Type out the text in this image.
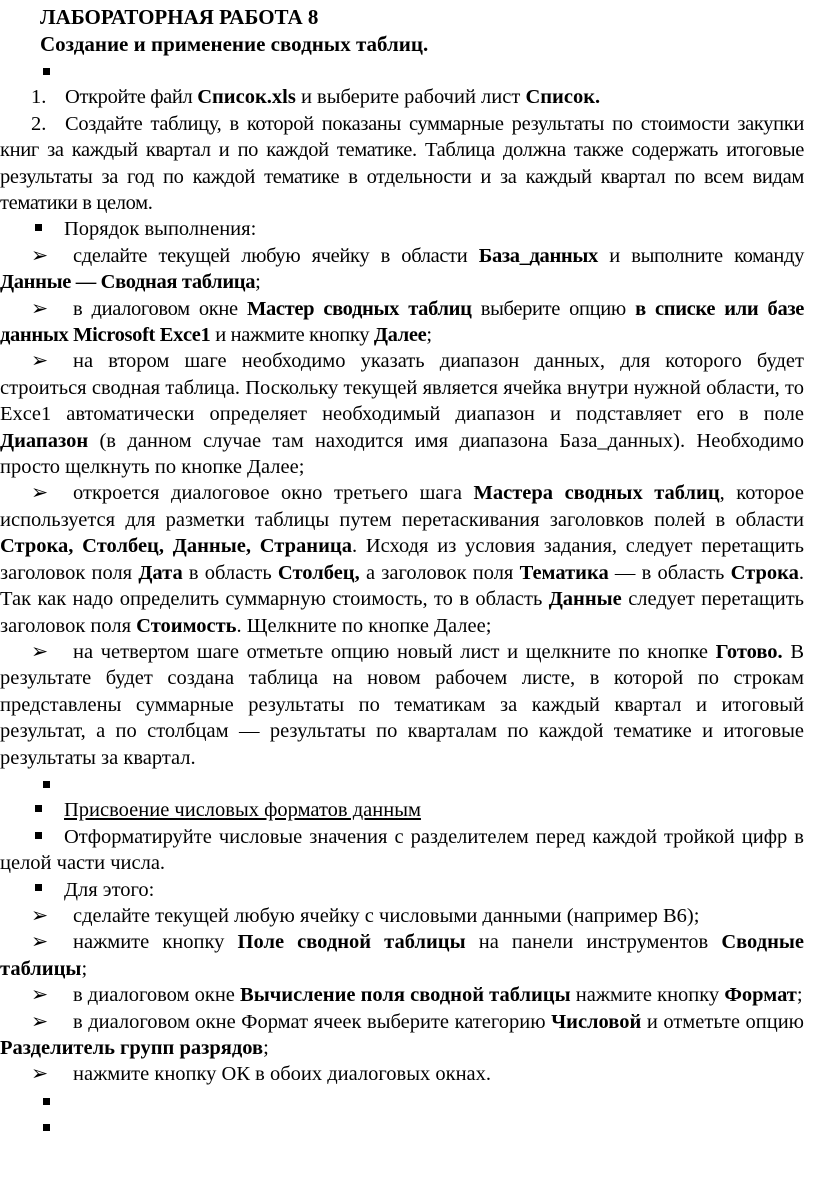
ЛАБОРАТОРНАЯ РАБОТА 8
Создание и применение сводных таблиц.

1. Откройте файл Список.xls и выберите рабочий лист Список.

2. Создайте таблицу, в которой показаны суммарные результаты по стоимости закупки книг за каждый квартал и по каждой тематике. Таблица должна также содержать итоговые результаты за год по каждой тематике в отдельности и за каждый квартал по всем видам тематики в целом.

Порядок выполнения:

➢ сделайте текущей любую ячейку в области База_данных и выполните команду Данные — Сводная таблица;

➢ в диалоговом окне Мастер сводных таблиц выберите опцию в списке или базе данных Microsoft Exce1 и нажмите кнопку Далее;

➢ на втором шаге необходимо указать диапазон данных, для которого будет строиться сводная таблица. Поскольку текущей является ячейка внутри нужной области, то Exce1 автоматически определяет необходимый диапазон и подставляет его в поле Диапазон (в данном случае там находится имя диапазона База_данных). Необходимо просто щелкнуть по кнопке Далее;

➢ откроется диалоговое окно третьего шага Мастера сводных таблиц, которое используется для разметки таблицы путем перетаскивания заголовков полей в области Строка, Столбец, Данные, Страница. Исходя из условия задания, следует перетащить заголовок поля Дата в область Столбец, а заголовок поля Тематика — в область Строка. Так как надо определить суммарную стоимость, то в область Данные следует перетащить заголовок поля Стоимость. Щелкните по кнопке Далее;

➢ на четвертом шаге отметьте опцию новый лист и щелкните по кнопке Готово. В результате будет создана таблица на новом рабочем листе, в которой по строкам представлены суммарные результаты по тематикам за каждый квартал и итоговый результат, а по столбцам — результаты по кварталам по каждой тематике и итоговые результаты за квартал.

Присвоение числовых форматов данным

Отформатируйте числовые значения с разделителем перед каждой тройкой цифр в целой части числа.

Для этого:

➢ сделайте текущей любую ячейку с числовыми данными (например B6);

➢ нажмите кнопку Поле сводной таблицы на панели инструментов Сводные таблицы;

➢ в диалоговом окне Вычисление поля сводной таблицы нажмите кнопку Формат;

➢ в диалоговом окне Формат ячеек выберите категорию Числовой и отметьте опцию Разделитель групп разрядов;

➢ нажмите кнопку ОК в обоих диалоговых окнах.
